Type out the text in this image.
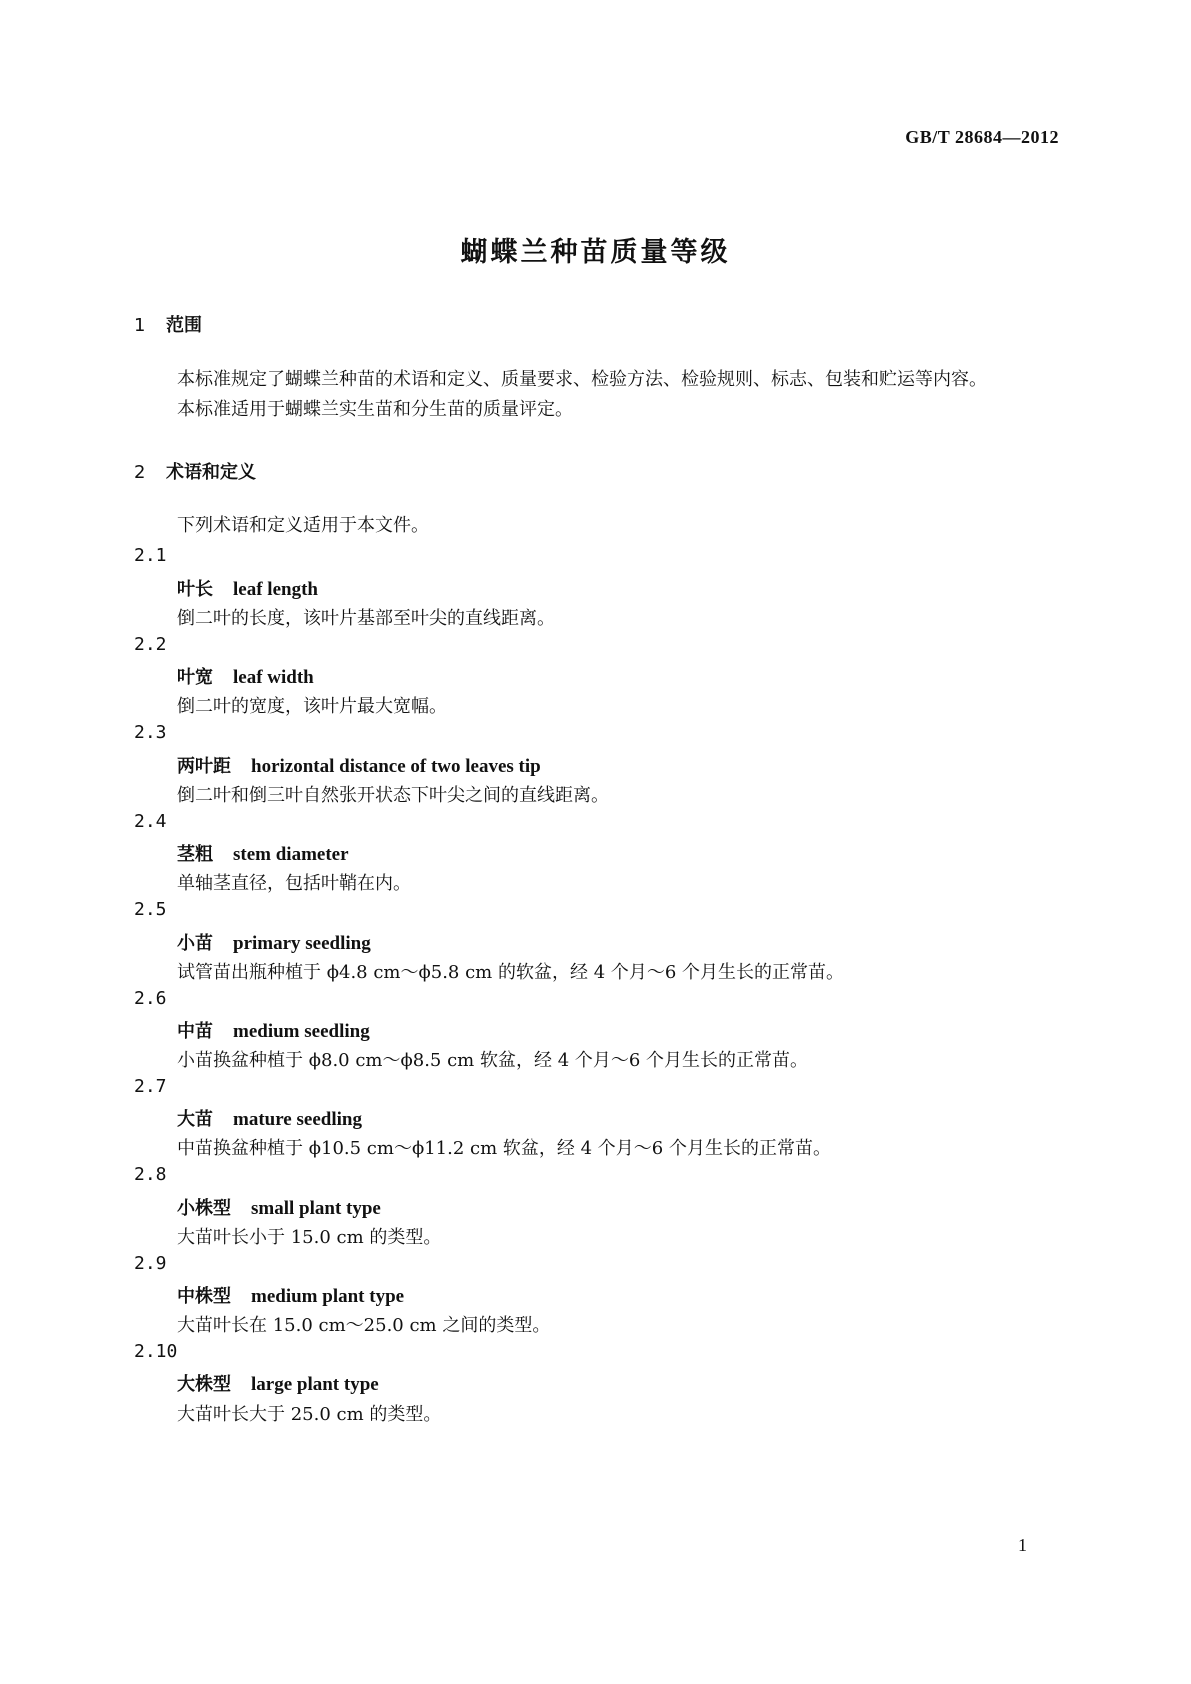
GB/T 28684—2012
蝴蝶兰种苗质量等级
1 范围
本标准规定了蝴蝶兰种苗的术语和定义、质量要求、检验方法、检验规则、标志、包装和贮运等内容。
本标准适用于蝴蝶兰实生苗和分生苗的质量评定。
2 术语和定义
下列术语和定义适用于本文件。
2.1
叶长 leaf length
倒二叶的长度，该叶片基部至叶尖的直线距离。
2.2
叶宽 leaf width
倒二叶的宽度，该叶片最大宽幅。
2.3
两叶距 horizontal distance of two leaves tip
倒二叶和倒三叶自然张开状态下叶尖之间的直线距离。
2.4
茎粗 stem diameter
单轴茎直径，包括叶鞘在内。
2.5
小苗 primary seedling
试管苗出瓶种植于 ϕ4.8 cm～ϕ5.8 cm 的软盆，经 4 个月～6 个月生长的正常苗。
2.6
中苗 medium seedling
小苗换盆种植于 ϕ8.0 cm～ϕ8.5 cm 软盆，经 4 个月～6 个月生长的正常苗。
2.7
大苗 mature seedling
中苗换盆种植于 ϕ10.5 cm～ϕ11.2 cm 软盆，经 4 个月～6 个月生长的正常苗。
2.8
小株型 small plant type
大苗叶长小于 15.0 cm 的类型。
2.9
中株型 medium plant type
大苗叶长在 15.0 cm～25.0 cm 之间的类型。
2.10
大株型 large plant type
大苗叶长大于 25.0 cm 的类型。
1
